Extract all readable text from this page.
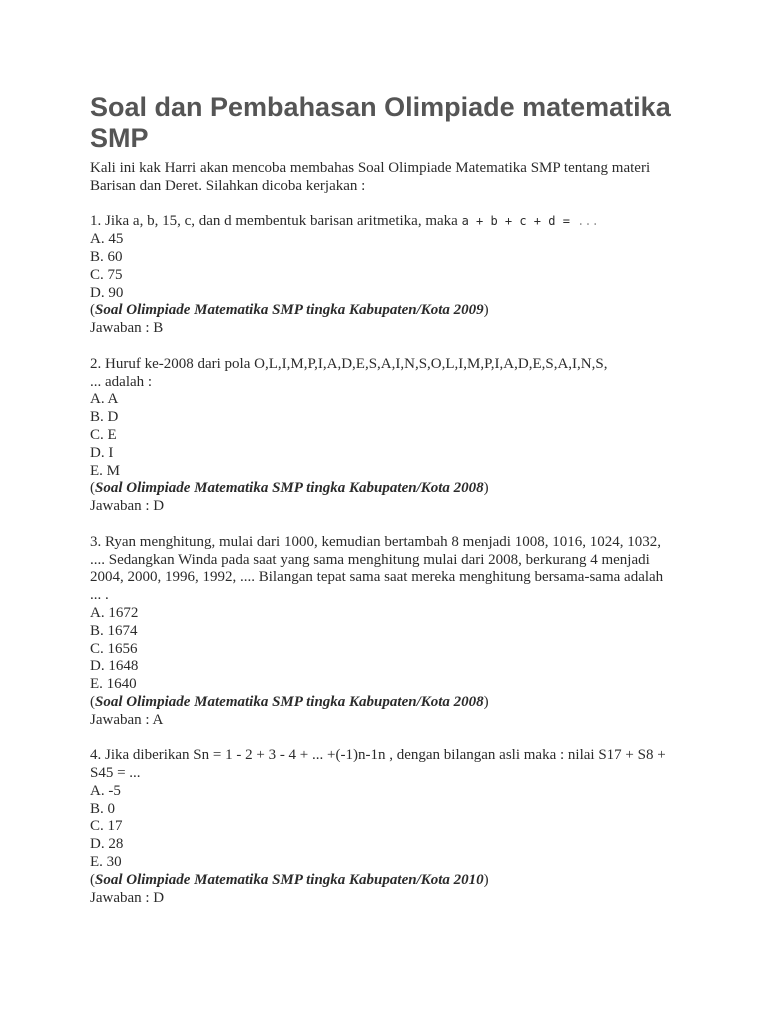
Soal dan Pembahasan Olimpiade matematika
SMP
Kali ini kak Harri akan mencoba membahas Soal Olimpiade Matematika SMP tentang materi
Barisan dan Deret. Silahkan dicoba kerjakan :
1. Jika a, b, 15, c, dan d membentuk barisan aritmetika, maka a + b + c + d = ...
A. 45
B. 60
C. 75
D. 90
(Soal Olimpiade Matematika SMP tingka Kabupaten/Kota 2009)
Jawaban : B
2. Huruf ke-2008 dari pola O,L,I,M,P,I,A,D,E,S,A,I,N,S,O,L,I,M,P,I,A,D,E,S,A,I,N,S,
... adalah :
A. A
B. D
C. E
D. I
E. M
(Soal Olimpiade Matematika SMP tingka Kabupaten/Kota 2008)
Jawaban : D
3. Ryan menghitung, mulai dari 1000, kemudian bertambah 8 menjadi 1008, 1016, 1024, 1032,
.... Sedangkan Winda pada saat yang sama menghitung mulai dari 2008, berkurang 4 menjadi
2004, 2000, 1996, 1992, .... Bilangan tepat sama saat mereka menghitung bersama-sama adalah
... .
A. 1672
B. 1674
C. 1656
D. 1648
E. 1640
(Soal Olimpiade Matematika SMP tingka Kabupaten/Kota 2008)
Jawaban : A
4. Jika diberikan Sn = 1 - 2 + 3 - 4 + ... +(-1)n-1n , dengan bilangan asli maka : nilai S17 + S8 +
S45 = ...
A. -5
B. 0
C. 17
D. 28
E. 30
(Soal Olimpiade Matematika SMP tingka Kabupaten/Kota 2010)
Jawaban : D
